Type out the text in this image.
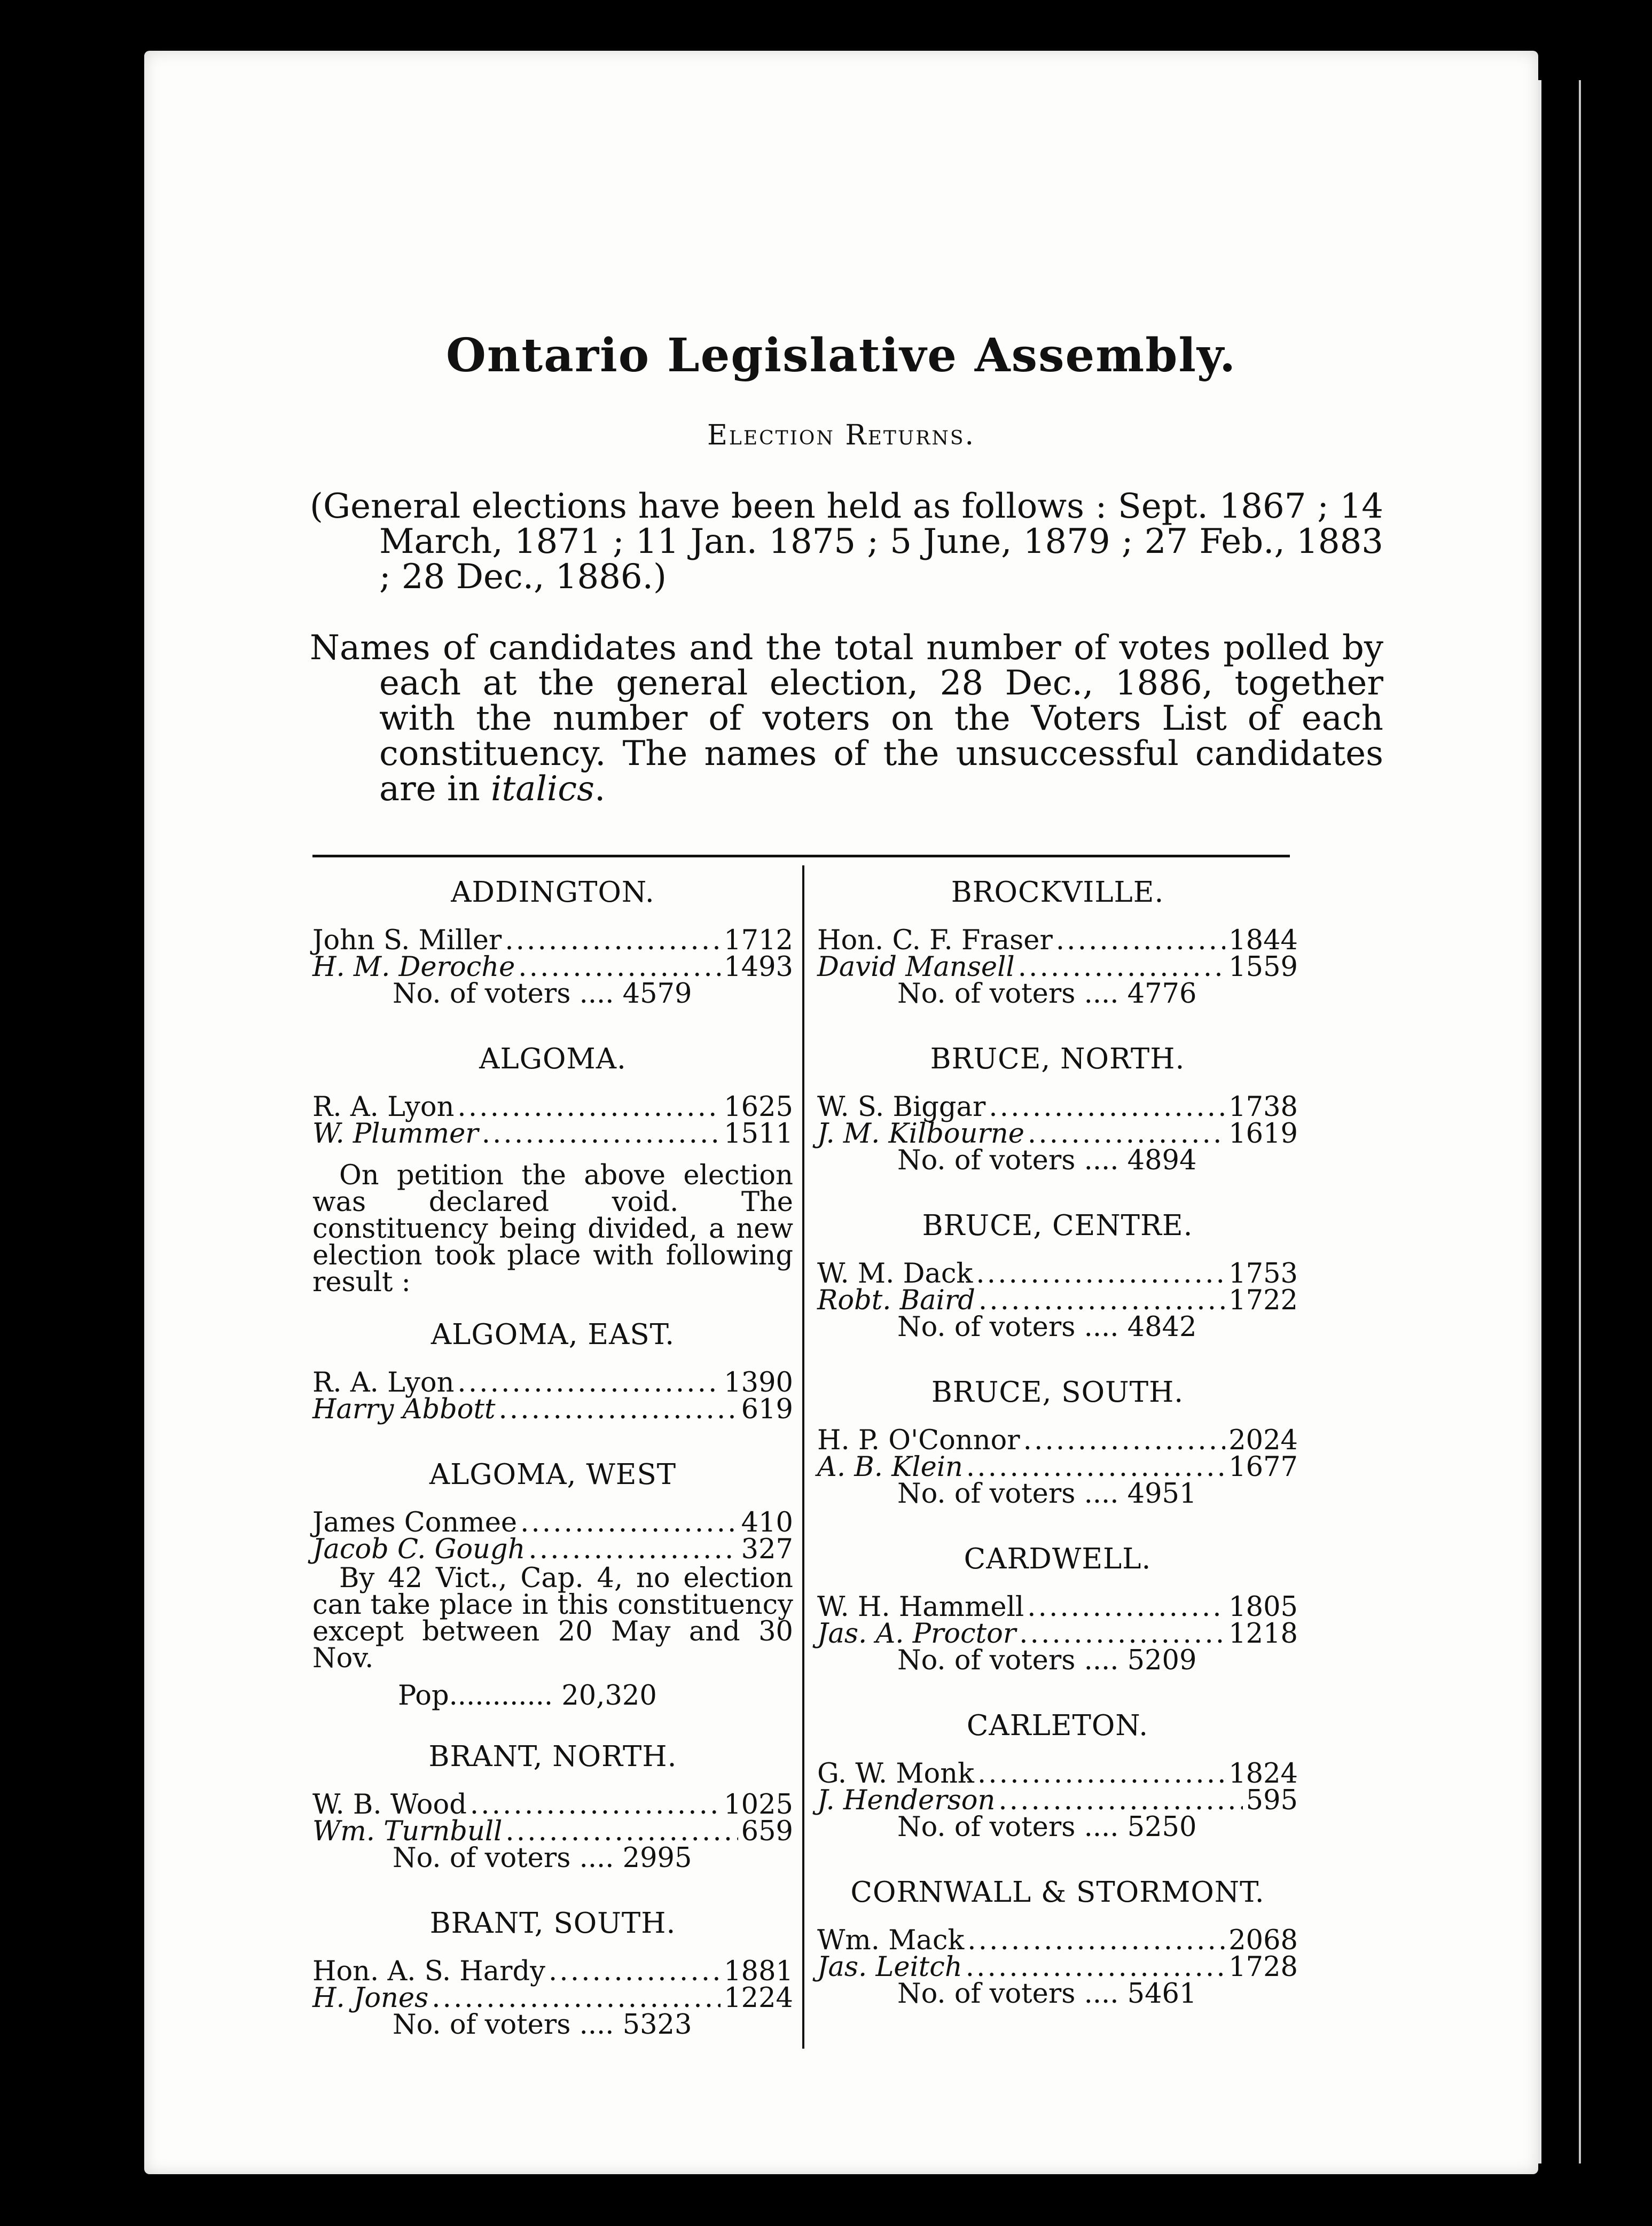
Ontario Legislative Assembly.
Election Returns.
(General elections have been held as follows : Sept. 1867 ; 14 March, 1871 ; 11 Jan. 1875 ; 5 June, 1879 ; 27 Feb., 1883 ; 28 Dec., 1886.)
Names of candidates and the total number of votes polled by each at the general election, 28 Dec., 1886, together with the number of voters on the Voters List of each constituency. The names of the unsuccessful candidates are in italics.
ADDINGTON.
John S. Miller . . .	1712
H. M. Deroche . . .	1493
No. of voters .... 4579
ALGOMA.
R. A. Lyon . . .	1625
W. Plummer . . .	1511
On petition the above election was declared void. The constituency being divided, a new election took place with following result :
ALGOMA, EAST.
R. A. Lyon . . .	1390
Harry Abbott . . .	619
ALGOMA, WEST
James Conmee . . .	410
Jacob C. Gough . . .	327
By 42 Vict., Cap. 4, no election can take place in this constituency except between 20 May and 30 Nov.
Pop............ 20,320
BRANT, NORTH.
W. B. Wood . . .	1025
Wm. Turnbull . . .	659
No. of voters .... 2995
BRANT, SOUTH.
Hon. A. S. Hardy . . .	1881
H. Jones . . .	1224
No. of voters .... 5323
BROCKVILLE.
Hon. C. F. Fraser . . .	1844
David Mansell . . .	1559
No. of voters .... 4776
BRUCE, NORTH.
W. S. Biggar . . .	1738
J. M. Kilbourne . . .	1619
No. of voters .... 4894
BRUCE, CENTRE.
W. M. Dack . . .	1753
Robt. Baird . . .	1722
No. of voters .... 4842
BRUCE, SOUTH.
H. P. O'Connor . . .	2024
A. B. Klein . . .	1677
No. of voters .... 4951
CARDWELL.
W. H. Hammell . . .	1805
Jas. A. Proctor . . .	1218
No. of voters .... 5209
CARLETON.
G. W. Monk . . .	1824
J. Henderson . . .	595
No. of voters .... 5250
CORNWALL & STORMONT.
Wm. Mack . . .	2068
Jas. Leitch . . .	1728
No. of voters .... 5461
